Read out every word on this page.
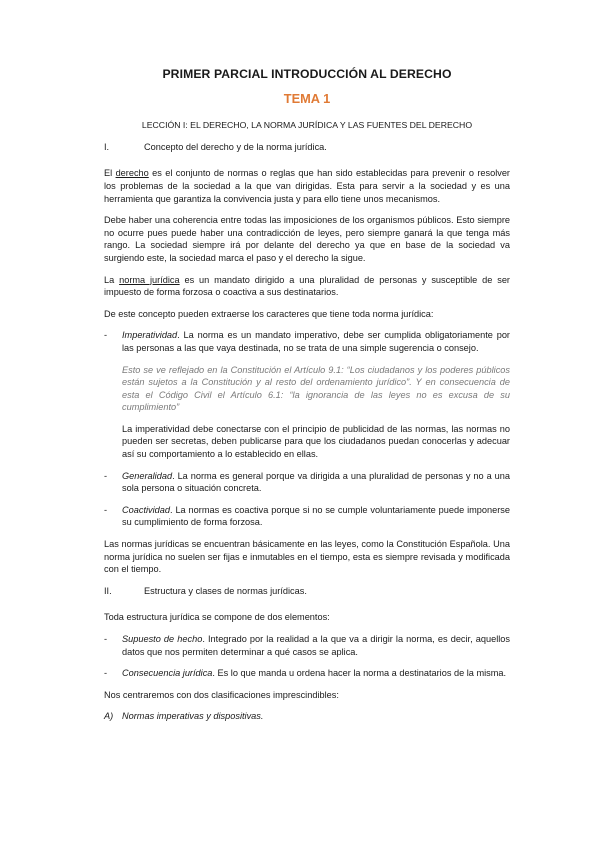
PRIMER PARCIAL INTRODUCCIÓN AL DERECHO
TEMA 1
LECCIÓN I: EL DERECHO, LA NORMA JURÍDICA Y LAS FUENTES DEL DERECHO
I.	Concepto del derecho y de la norma jurídica.

El derecho es el conjunto de normas o reglas que han sido establecidas para prevenir o resolver los problemas de la sociedad a la que van dirigidas. Esta para servir a la sociedad y es una herramienta que garantiza la convivencia justa y para ello tiene unos mecanismos.

Debe haber una coherencia entre todas las imposiciones de los organismos públicos. Esto siempre no ocurre pues puede haber una contradicción de leyes, pero siempre ganará la que tenga más rango. La sociedad siempre irá por delante del derecho ya que en base de la sociedad va surgiendo este, la sociedad marca el paso y el derecho la sigue.

La norma jurídica es un mandato dirigido a una pluralidad de personas y susceptible de ser impuesto de forma forzosa o coactiva a sus destinatarios.

De este concepto pueden extraerse los caracteres que tiene toda norma jurídica:

- Imperatividad. La norma es un mandato imperativo, debe ser cumplida obligatoriamente por las personas a las que vaya destinada, no se trata de una simple sugerencia o consejo.
Esto se ve reflejado en la Constitución el Artículo 9.1: “Los ciudadanos y los poderes públicos están sujetos a la Constitución y al resto del ordenamiento jurídico”. Y en consecuencia de esta el Código Civil el Artículo 6.1: “la ignorancia de las leyes no es excusa de su cumplimiento”

La imperatividad debe conectarse con el principio de publicidad de las normas, las normas no pueden ser secretas, deben publicarse para que los ciudadanos puedan conocerlas y adecuar así su comportamiento a lo establecido en ellas.

- Generalidad. La norma es general porque va dirigida a una pluralidad de personas y no a una sola persona o situación concreta.
- Coactividad. La normas es coactiva porque si no se cumple voluntariamente puede imponerse su cumplimiento de forma forzosa.

Las normas jurídicas se encuentran básicamente en las leyes, como la Constitución Española. Una norma jurídica no suelen ser fijas e inmutables en el tiempo, esta es siempre revisada y modificada con el tiempo.

II.	Estructura y clases de normas jurídicas.

Toda estructura jurídica se compone de dos elementos:

- Supuesto de hecho. Integrado por la realidad a la que va a dirigir la norma, es decir, aquellos datos que nos permiten determinar a qué casos se aplica.
- Consecuencia jurídica. Es lo que manda u ordena hacer la norma a destinatarios de la misma.

Nos centraremos con dos clasificaciones imprescindibles:

A) Normas imperativas y dispositivas.
